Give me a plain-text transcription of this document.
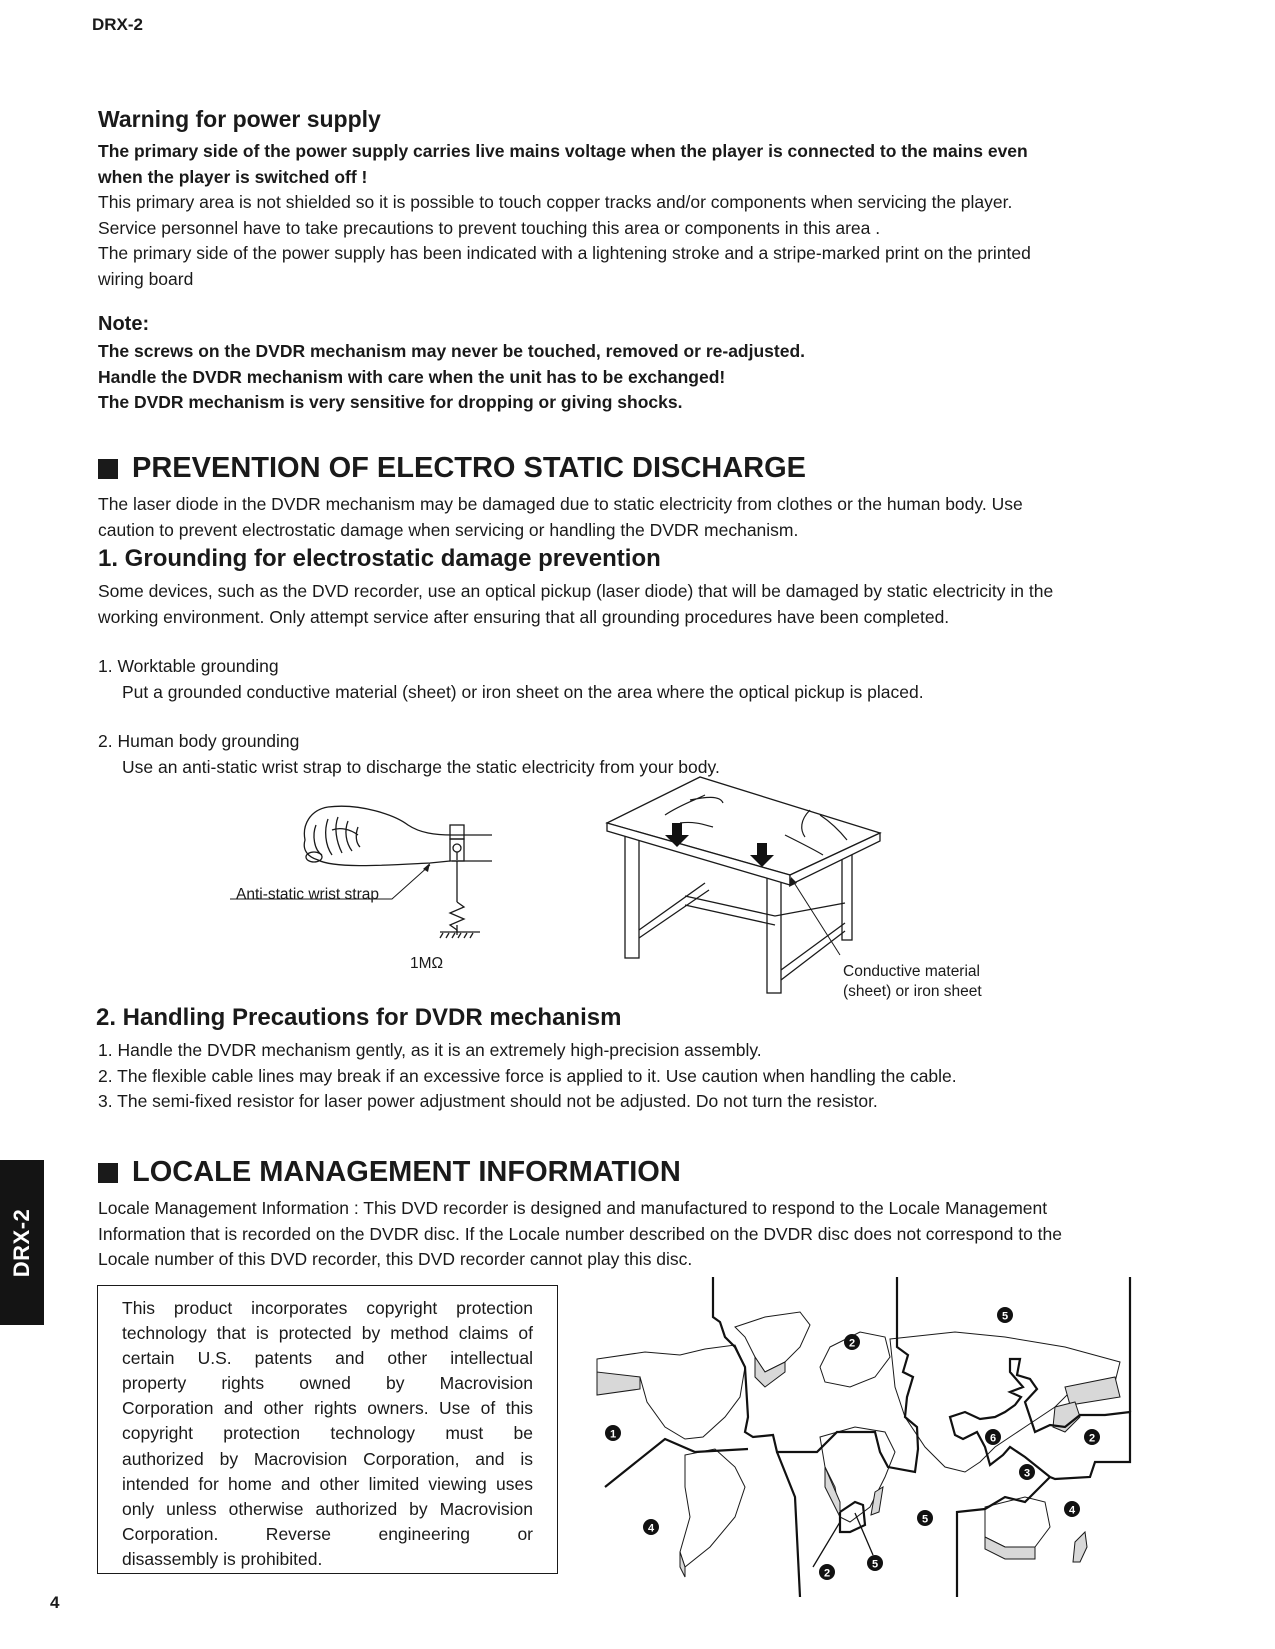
DRX-2
Warning for power supply
The primary side of the power supply carries live mains voltage when the player is connected to the mains even
when the player is switched off !
This primary area is not shielded so it is possible to touch copper tracks and/or components when servicing the player.
Service personnel have to take precautions to prevent touching this area or components in this area .
The primary side of the power supply has been indicated with a lightening stroke and a stripe-marked print on the printed
wiring board
Note:
The screws on the DVDR mechanism may never be touched, removed or re-adjusted.
Handle the DVDR mechanism with care when the unit has to be exchanged!
The DVDR mechanism is very sensitive for dropping or giving shocks.
PREVENTION OF ELECTRO STATIC DISCHARGE
The laser diode in the DVDR mechanism may be damaged due to static electricity from clothes or the human body. Use
caution to prevent electrostatic damage when servicing or handling the DVDR mechanism.
1. Grounding for electrostatic damage prevention
Some devices, such as the DVD recorder, use an optical pickup (laser diode) that will be damaged by static electricity in the
working environment. Only attempt service after ensuring that all grounding procedures have been completed.
1. Worktable grounding
Put a grounded conductive material (sheet) or iron sheet on the area where the optical pickup is placed.
2. Human body grounding
Use an anti-static wrist strap to discharge the static electricity from your body.
Anti-static wrist strap
1MΩ	Conductive material
(sheet) or iron sheet
2. Handling Precautions for DVDR mechanism
1. Handle the DVDR mechanism gently, as it is an extremely high-precision assembly.
2. The flexible cable lines may break if an excessive force is applied to it. Use caution when handling the cable.
3. The semi-fixed resistor for laser power adjustment should not be adjusted. Do not turn the resistor.
LOCALE MANAGEMENT INFORMATION
Locale Management Information : This DVD recorder is designed and manufactured to respond to the Locale Management
Information that is recorded on the DVDR disc. If the Locale number described on the DVDR disc does not correspond to the
Locale number of this DVD recorder, this DVD recorder cannot play this disc.

This product incorporates copyright protection

technology that is protected by method claims of

certain U.S. patents and other intellectual

property rights owned by Macrovision

Corporation and other rights owners. Use of this

copyright protection technology must be

authorized by Macrovision Corporation, and is

intended for home and other limited viewing uses

only unless otherwise authorized by Macrovision

Corporation. Reverse engineering or

disassembly is prohibited.

1
2
2
2
3
4
4
5
5
5
6
DRX-2
4
